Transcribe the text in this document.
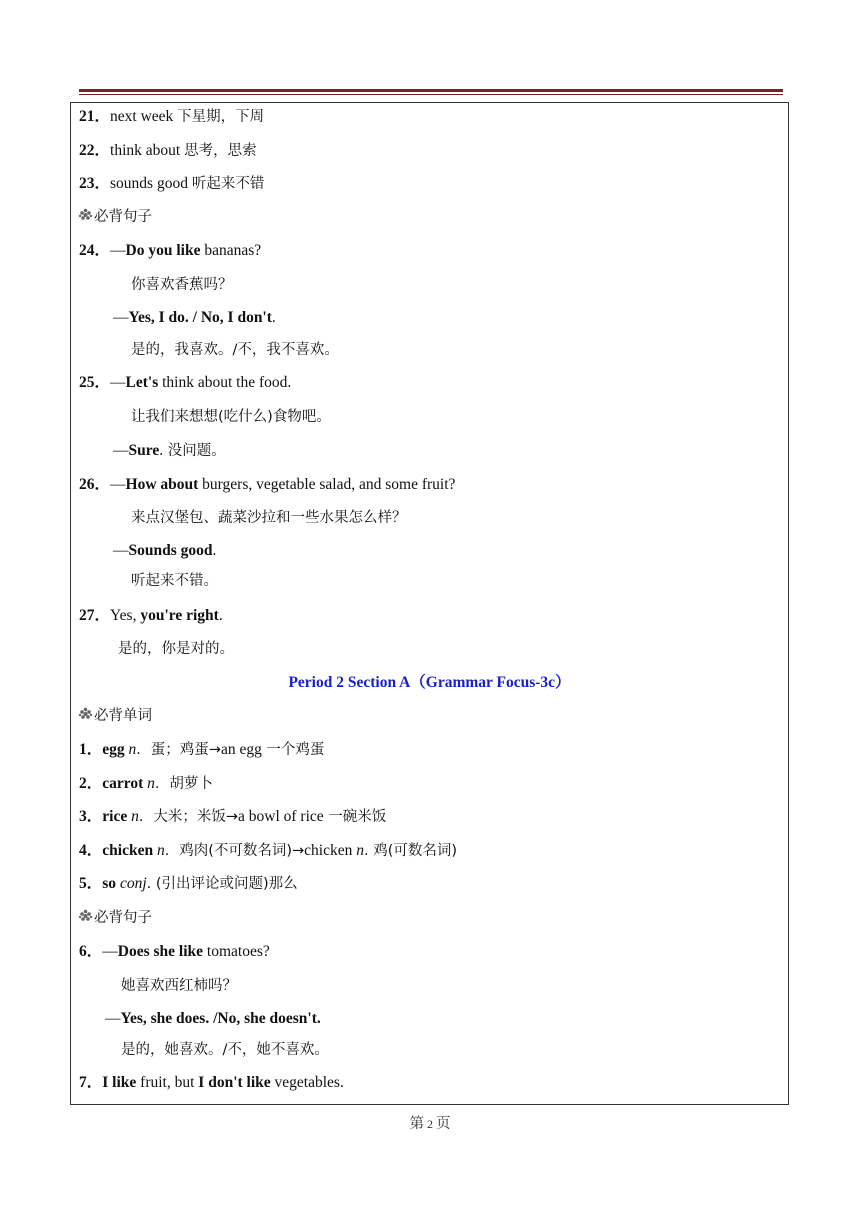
21．next week 下星期，下周
22．think about 思考，思索
23．sounds good 听起来不错
必背句子
24．—Do you like bananas?
你喜欢香蕉吗？
—Yes, I do. / No, I don't.
是的，我喜欢。/不，我不喜欢。
25．—Let's think about the food.
让我们来想想(吃什么)食物吧。
—Sure. 没问题。
26．—How about burgers, vegetable salad, and some fruit?
来点汉堡包、蔬菜沙拉和一些水果怎么样？
—Sounds good.
听起来不错。
27．Yes, you're right.
是的，你是对的。
Period 2 Section A（Grammar Focus-3c）
必背单词
1．egg n．蛋；鸡蛋→an egg 一个鸡蛋
2．carrot n．胡萝卜
3．rice n．大米；米饭→a bowl of rice 一碗米饭
4．chicken n．鸡肉(不可数名词)→chicken n. 鸡(可数名词)
5．so conj. (引出评论或问题)那么
必背句子
6．—Does she like tomatoes?
她喜欢西红柿吗？
—Yes, she does. /No, she doesn't.
是的，她喜欢。/不，她不喜欢。
7．I like fruit, but I don't like vegetables.
第 2 页
